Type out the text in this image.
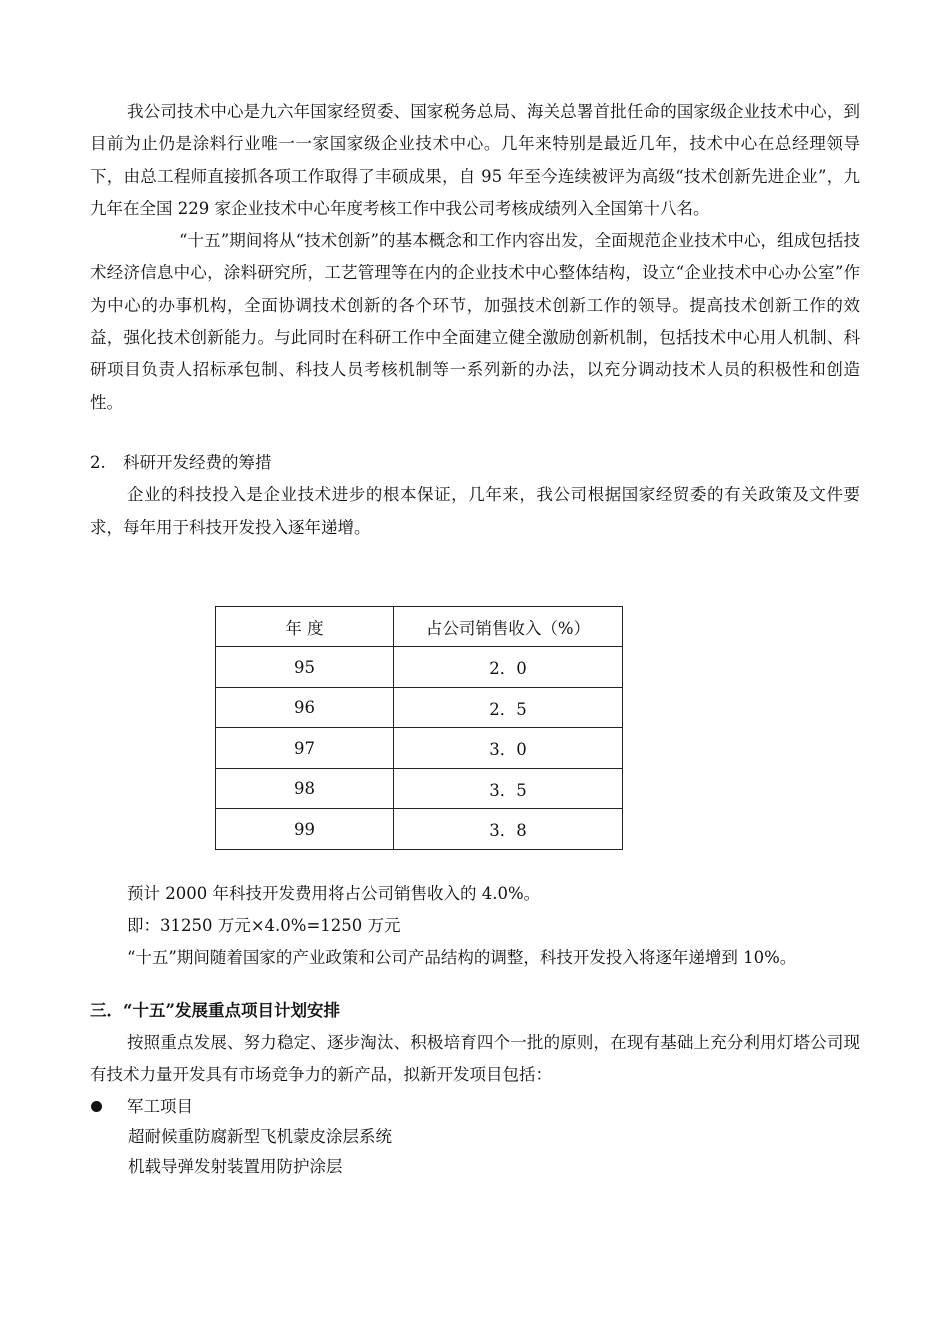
我公司技术中心是九六年国家经贸委、国家税务总局、海关总署首批任命的国家级企业技术中心，到目前为止仍是涂料行业唯一一家国家级企业技术中心。几年来特别是最近几年，技术中心在总经理领导下，由总工程师直接抓各项工作取得了丰硕成果，自 95 年至今连续被评为高级“技术创新先进企业”，九九年在全国 229 家企业技术中心年度考核工作中我公司考核成绩列入全国第十八名。

“十五”期间将从“技术创新”的基本概念和工作内容出发，全面规范企业技术中心，组成包括技术经济信息中心，涂料研究所，工艺管理等在内的企业技术中心整体结构，设立“企业技术中心办公室”作为中心的办事机构，全面协调技术创新的各个环节，加强技术创新工作的领导。提高技术创新工作的效益，强化技术创新能力。与此同时在科研工作中全面建立健全激励创新机制，包括技术中心用人机制、科研项目负责人招标承包制、科技人员考核机制等一系列新的办法，以充分调动技术人员的积极性和创造性。

2. 科研开发经费的筹措

企业的科技投入是企业技术进步的根本保证，几年来，我公司根据国家经贸委的有关政策及文件要求，每年用于科技开发投入逐年递增。

年 度	占公司销售收入（%）
95	2．0
96	2．5
97	3．0
98	3．5
99	3．8

预计 2000 年科技开发费用将占公司销售收入的 4.0%。

即：31250 万元×4.0%=1250 万元

“十五”期间随着国家的产业政策和公司产品结构的调整，科技开发投入将逐年递增到 10%。

三．“十五”发展重点项目计划安排

按照重点发展、努力稳定、逐步淘汰、积极培育四个一批的原则，在现有基础上充分利用灯塔公司现有技术力量开发具有市场竞争力的新产品，拟新开发项目包括：

军工项目
超耐候重防腐新型飞机蒙皮涂层系统
机载导弹发射装置用防护涂层
